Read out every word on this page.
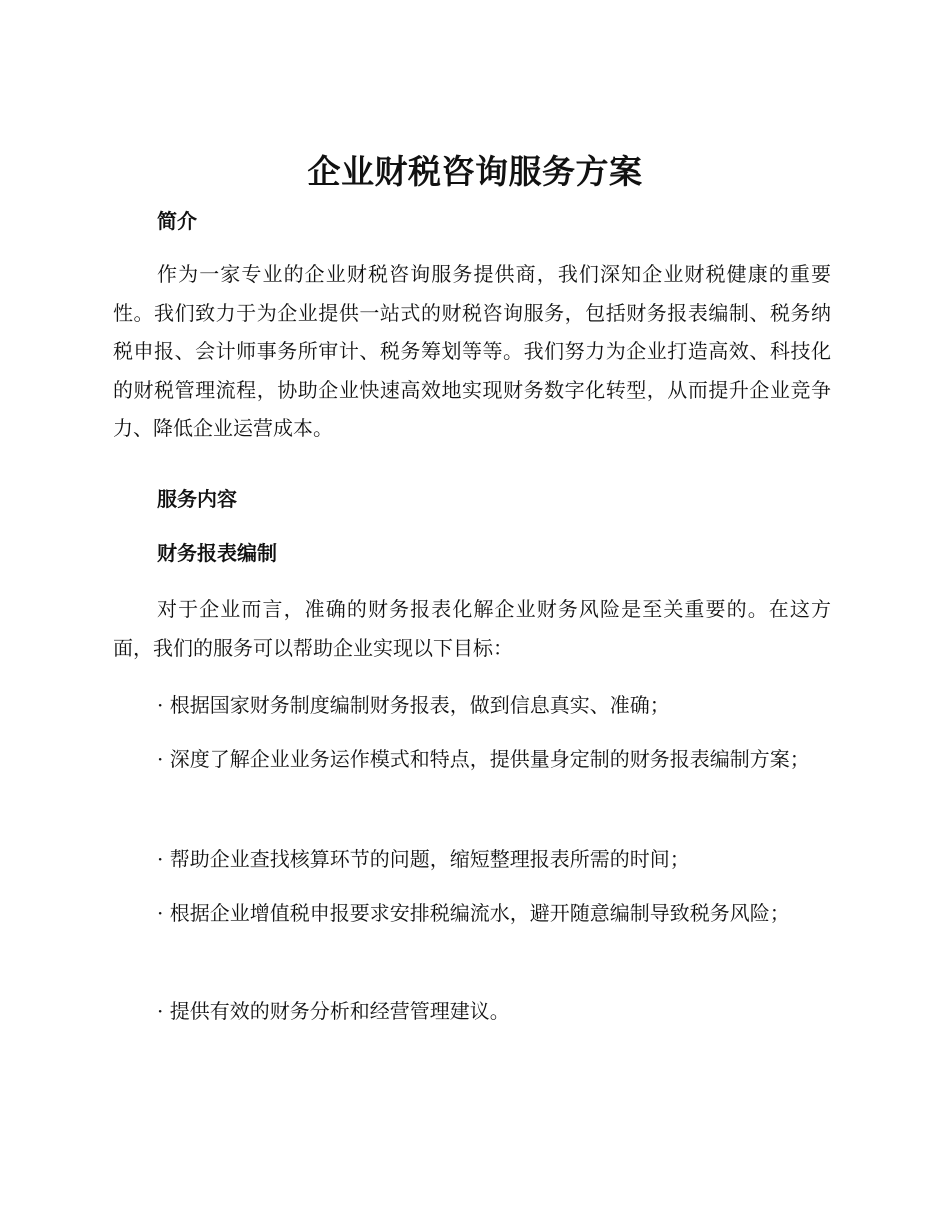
企业财税咨询服务方案
简介

作为一家专业的企业财税咨询服务提供商，我们深知企业财税健康的重要性。我们致力于为企业提供一站式的财税咨询服务，包括财务报表编制、税务纳税申报、会计师事务所审计、税务筹划等等。我们努力为企业打造高效、科技化的财税管理流程，协助企业快速高效地实现财务数字化转型，从而提升企业竞争力、降低企业运营成本。

服务内容
财务报表编制

对于企业而言，准确的财务报表化解企业财务风险是至关重要的。在这方面，我们的服务可以帮助企业实现以下目标：

· 根据国家财务制度编制财务报表，做到信息真实、准确；

· 深度了解企业业务运作模式和特点，提供量身定制的财务报表编制方案；

· 帮助企业查找核算环节的问题，缩短整理报表所需的时间；

· 根据企业增值税申报要求安排税编流水，避开随意编制导致税务风险；

· 提供有效的财务分析和经营管理建议。
